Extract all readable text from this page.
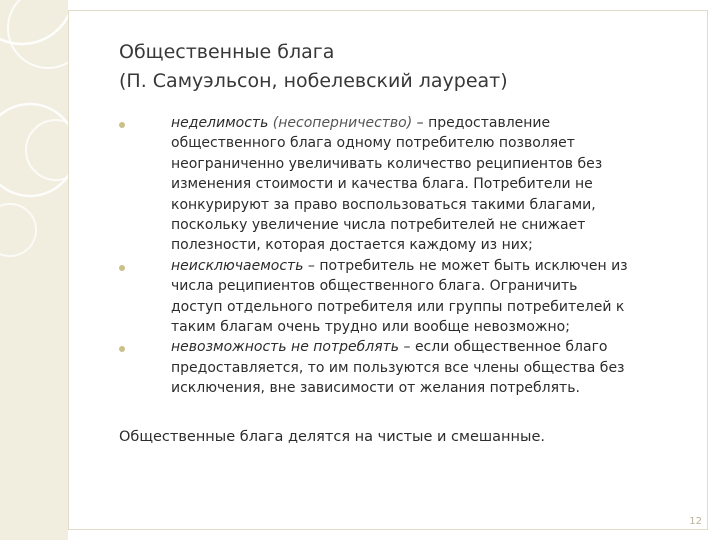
Общественные блага
(П. Самуэльсон, нобелевский лауреат)

неделимость (несоперничество) – предоставление
общественного блага одному потребителю позволяет
неограниченно увеличивать количество реципиентов без
изменения стоимости и качества блага. Потребители не
конкурируют за право воспользоваться такими благами,
поскольку увеличение числа потребителей не снижает
полезности, которая достается каждому из них;

неисключаемость – потребитель не может быть исключен из
числа реципиентов общественного блага. Ограничить
доступ отдельного потребителя или группы потребителей к
таким благам очень трудно или вообще невозможно;

невозможность не потреблять – если общественное благо
предоставляется, то им пользуются все члены общества без
исключения, вне зависимости от желания потреблять.

Общественные блага делятся на чистые и смешанные.

12
